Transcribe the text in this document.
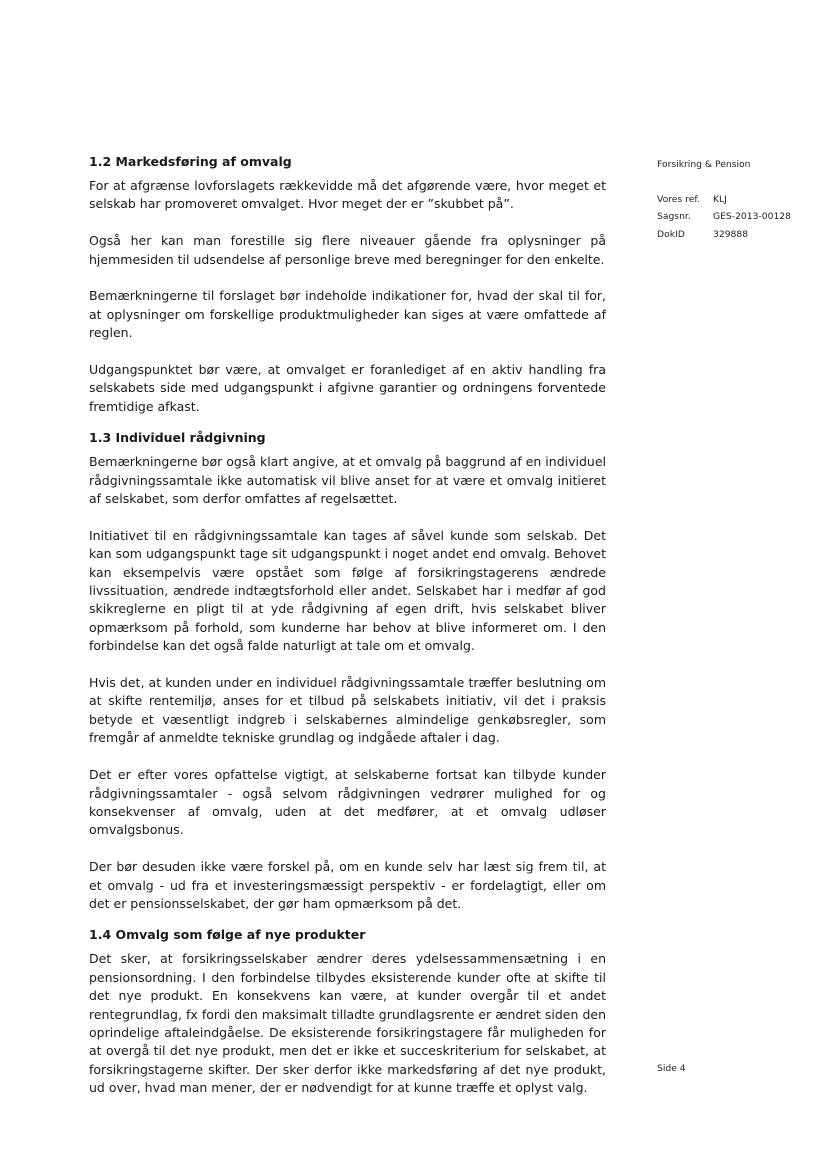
1.2 Markedsføring af omvalg

For at afgrænse lovforslagets rækkevidde må det afgørende være, hvor meget et selskab har promoveret omvalget. Hvor meget der er ”skubbet på”.

Også her kan man forestille sig flere niveauer gående fra oplysninger på hjemmesiden til udsendelse af personlige breve med beregninger for den enkelte.

Bemærkningerne til forslaget bør indeholde indikationer for, hvad der skal til for, at oplysninger om forskellige produktmuligheder kan siges at være omfattede af reglen.

Udgangspunktet bør være, at omvalget er foranlediget af en aktiv handling fra selskabets side med udgangspunkt i afgivne garantier og ordningens forventede fremtidige afkast.

1.3 Individuel rådgivning

Bemærkningerne bør også klart angive, at et omvalg på baggrund af en individuel rådgivningssamtale ikke automatisk vil blive anset for at være et omvalg initieret af selskabet, som derfor omfattes af regelsættet.

Initiativet til en rådgivningssamtale kan tages af såvel kunde som selskab. Det kan som udgangspunkt tage sit udgangspunkt i noget andet end omvalg. Behovet kan eksempelvis være opstået som følge af forsikringstagerens ændrede livssituation, ændrede indtægtsforhold eller andet. Selskabet har i medfør af god skikreglerne en pligt til at yde rådgivning af egen drift, hvis selskabet bliver opmærksom på forhold, som kunderne har behov at blive informeret om. I den forbindelse kan det også falde naturligt at tale om et omvalg.

Hvis det, at kunden under en individuel rådgivningssamtale træffer beslutning om at skifte rentemiljø, anses for et tilbud på selskabets initiativ, vil det i praksis betyde et væsentligt indgreb i selskabernes almindelige genkøbsregler, som fremgår af anmeldte tekniske grundlag og indgåede aftaler i dag.

Det er efter vores opfattelse vigtigt, at selskaberne fortsat kan tilbyde kunder rådgivningssamtaler - også selvom rådgivningen vedrører mulighed for og konsekvenser af omvalg, uden at det medfører, at et omvalg udløser omvalgsbonus.

Der bør desuden ikke være forskel på, om en kunde selv har læst sig frem til, at et omvalg - ud fra et investeringsmæssigt perspektiv - er fordelagtigt, eller om det er pensionsselskabet, der gør ham opmærksom på det.

1.4 Omvalg som følge af nye produkter

Det sker, at forsikringsselskaber ændrer deres ydelsessammensætning i en pensionsordning. I den forbindelse tilbydes eksisterende kunder ofte at skifte til det nye produkt. En konsekvens kan være, at kunder overgår til et andet rentegrundlag, fx fordi den maksimalt tilladte grundlagsrente er ændret siden den oprindelige aftaleindgåelse. De eksisterende forsikringstagere får muligheden for at overgå til det nye produkt, men det er ikke et succeskriterium for selskabet, at forsikringstagerne skifter. Der sker derfor ikke markedsføring af det nye produkt, ud over, hvad man mener, der er nødvendigt for at kunne træffe et oplyst valg.

Forsikring & Pension
Vores ref.	KLJ
Sagsnr.	GES-2013-00128
DokID	329888
Side 4
